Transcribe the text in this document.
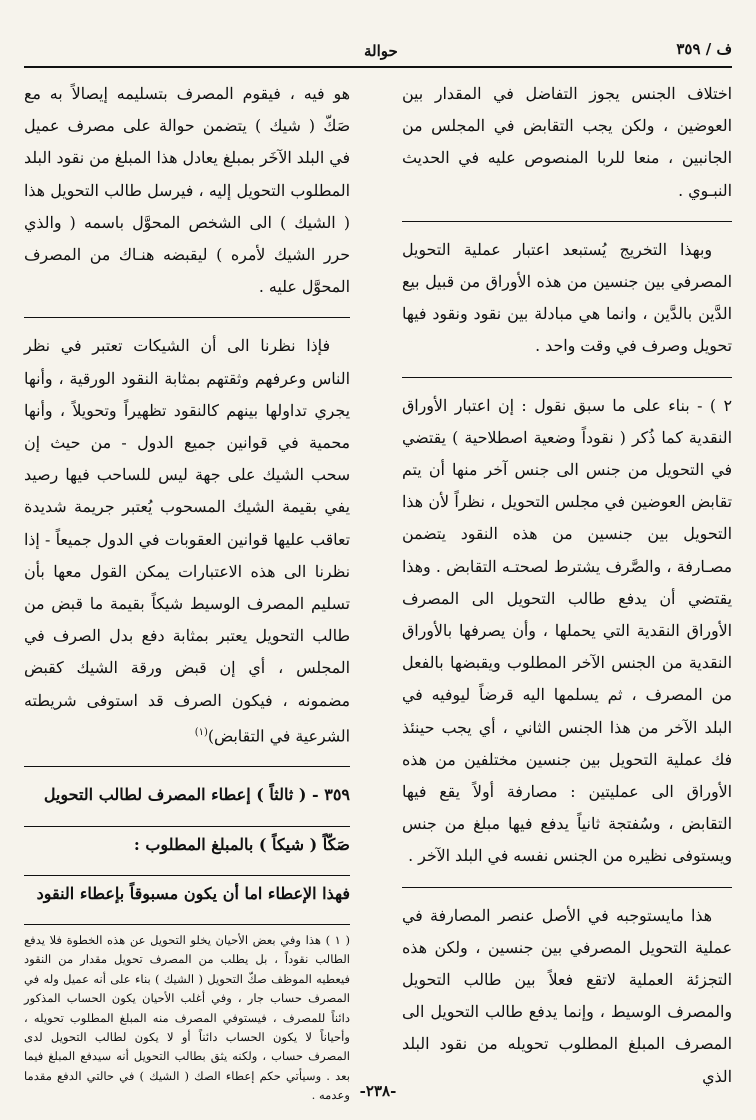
ف / ٣٥٩
حوالة

اختلاف الجنس يجوز التفاضل في المقدار بين العوضين ، ولكن يجب التقابض في المجلس من الجانبين ، منعا للربا المنصوص عليه في الحديث النبـوي .

وبهذا التخريج يُستبعد اعتبار عملية التحويل المصرفي بين جنسين من هذه الأوراق من قبيل بيع الدَّين بالدَّين ، وانما هي مبادلة بين نقود ونقود فيها تحويل وصرف في وقت واحد .

٢ ) - بناء على ما سبق نقول : إن اعتبار الأوراق النقدية كما ذُكر ( نقوداً وضعية اصطلاحية ) يقتضي في التحويل من جنس الى جنس آخر منها أن يتم تقابض العوضين في مجلس التحويل ، نظراً لأن هذا التحويل بين جنسين من هذه النقود يتضمن مصـارفة ، والصَّرف يشترط لصحتـه التقابض . وهذا يقتضي أن يدفع طالب التحويل الى المصرف الأوراق النقدية التي يحملها ، وأن يصرفها بالأوراق النقدية من الجنس الآخر المطلوب ويقبضها بالفعل من المصرف ، ثم يسلمها اليه قرضاً ليوفيه في البلد الآخر من هذا الجنس الثاني ، أي يجب حينئذ فك عملية التحويل بين جنسين مختلفين من هذه الأوراق الى عمليتين : مصارفة أولاً يقع فيها التقابض ، وسُفتجة ثانياً يدفع فيها مبلغ من جنس ويستوفى نظيره من الجنس نفسه في البلد الآخر .

هذا مايستوجبه في الأصل عنصر المصارفة في عملية التحويل المصرفي بين جنسين ، ولكن هذه التجزئة العملية لاتقع فعلاً بين طالب التحويل والمصرف الوسيط ، وإنما يدفع طالب التحويل الى المصرف المبلغ المطلوب تحويله من نقود البلد الذي

هو فيه ، فيقوم المصرف بتسليمه إيصالاً به مع صَكّ ( شيك ) يتضمن حوالة على مصرف عميل في البلد الآخَر بمبلغ يعادل هذا المبلغ من نقود البلد المطلوب التحويل إليه ، فيرسل طالب التحويل هذا ( الشيك ) الى الشخص المحوَّل باسمه ( والذي حرر الشيك لأمره ) ليقبضه هنـاك من المصرف المحوَّل عليه .

فإذا نظرنا الى أن الشيكات تعتبر في نظر الناس وعرفهم وثقتهم بمثابة النقود الورقية ، وأنها يجري تداولها بينهم كالنقود تظهيراً وتحويلاً ، وأنها محمية في قوانين جميع الدول - من حيث إن سحب الشيك على جهة ليس للساحب فيها رصيد يفي بقيمة الشيك المسحوب يُعتبر جريمة شديدة تعاقب عليها قوانين العقوبات في الدول جميعاً - إذا نظرنا الى هذه الاعتبارات يمكن القول معها بأن تسليم المصرف الوسيط شيكاً بقيمة ما قبض من طالب التحويل يعتبر بمثابة دفع بدل الصرف في المجلس ، أي إن قبض ورقة الشيك كقبض مضمونه ، فيكون الصرف قد استوفى شريطته الشرعية في التقابض)$^{(١)}$

٣٥٩ - ( ثالثاً ) إعطاء المصرف لطالب التحويل

صَكّاً ( شيكاً ) بالمبلغ المطلوب :

فهذا الإعطاء اما أن يكون مسبوقاً بإعطاء النقود

( ١ ) هذا وفي بعض الأحيان يخلو التحويل عن هذه الخطوة فلا يدفع الطالب نقوداً ، بل يطلب من المصرف تحويل مقدار من النقود فيعطيه الموظف صكّ التحويل ( الشيك ) بناء على أنه عميل وله في المصرف حساب جار ، وفي أغلب الأحيان يكون الحساب المذكور دائناً للمصرف ، فيستوفي المصرف منه المبلغ المطلوب تحويله ، وأحياناً لا يكون الحساب دائناً أو لا يكون لطالب التحويل لدى المصرف حساب ، ولكنه يثق بطالب التحويل أنه سيدفع المبلغ فيما بعد . وسيأتي حكم إعطاء الصك ( الشيك ) في حالتي الدفع مقدما وعدمه . -٢٣٨-
